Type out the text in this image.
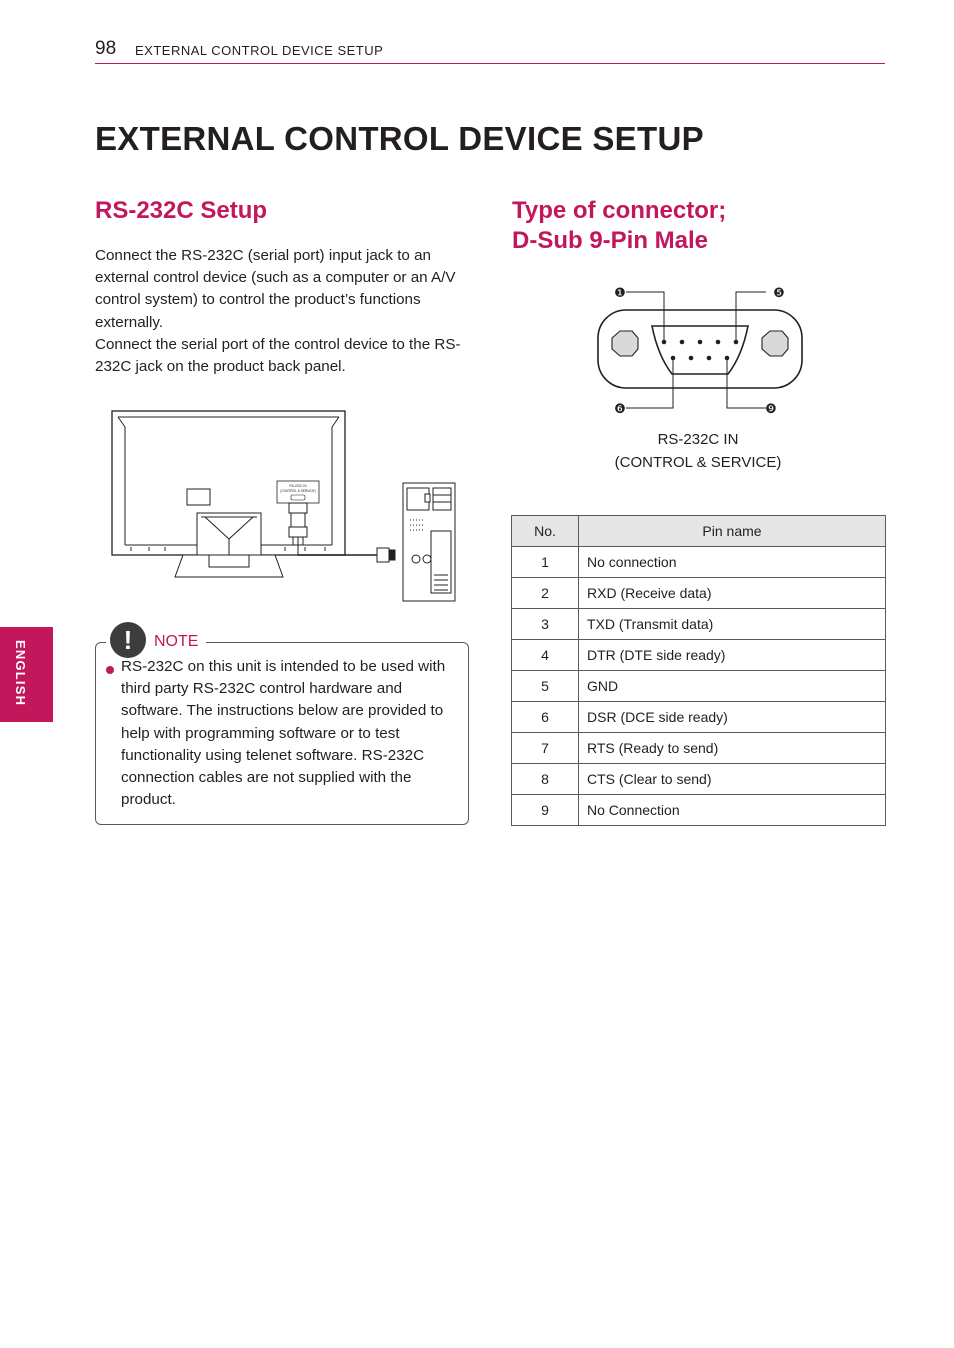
98 EXTERNAL CONTROL DEVICE SETUP
EXTERNAL CONTROL DEVICE SETUP
RS-232C Setup

Connect the RS-232C (serial port) input jack to an external control device (such as a computer or an A/V control system) to control the product’s functions externally.

Connect the serial port of the control device to the RS-232C jack on the product back panel.

RS-232C IN
(CONTROL & SERVICE)
!	NOTE

RS-232C on this unit is intended to be used with third party RS-232C control hardware and software. The instructions below are provided to help with programming software or to test functionality using telenet software. RS-232C connection cables are not supplied with the product.

Type of connector;
D-Sub 9-Pin Male
❶	❺
❻	❾
RS-232C IN
(CONTROL & SERVICE)
No.	Pin name
1	No connection
2	RXD (Receive data)
3	TXD (Transmit data)
4	DTR (DTE side ready)
5	GND
6	DSR (DCE side ready)
7	RTS (Ready to send)
8	CTS (Clear to send)
9	No Connection
ENGLISH
